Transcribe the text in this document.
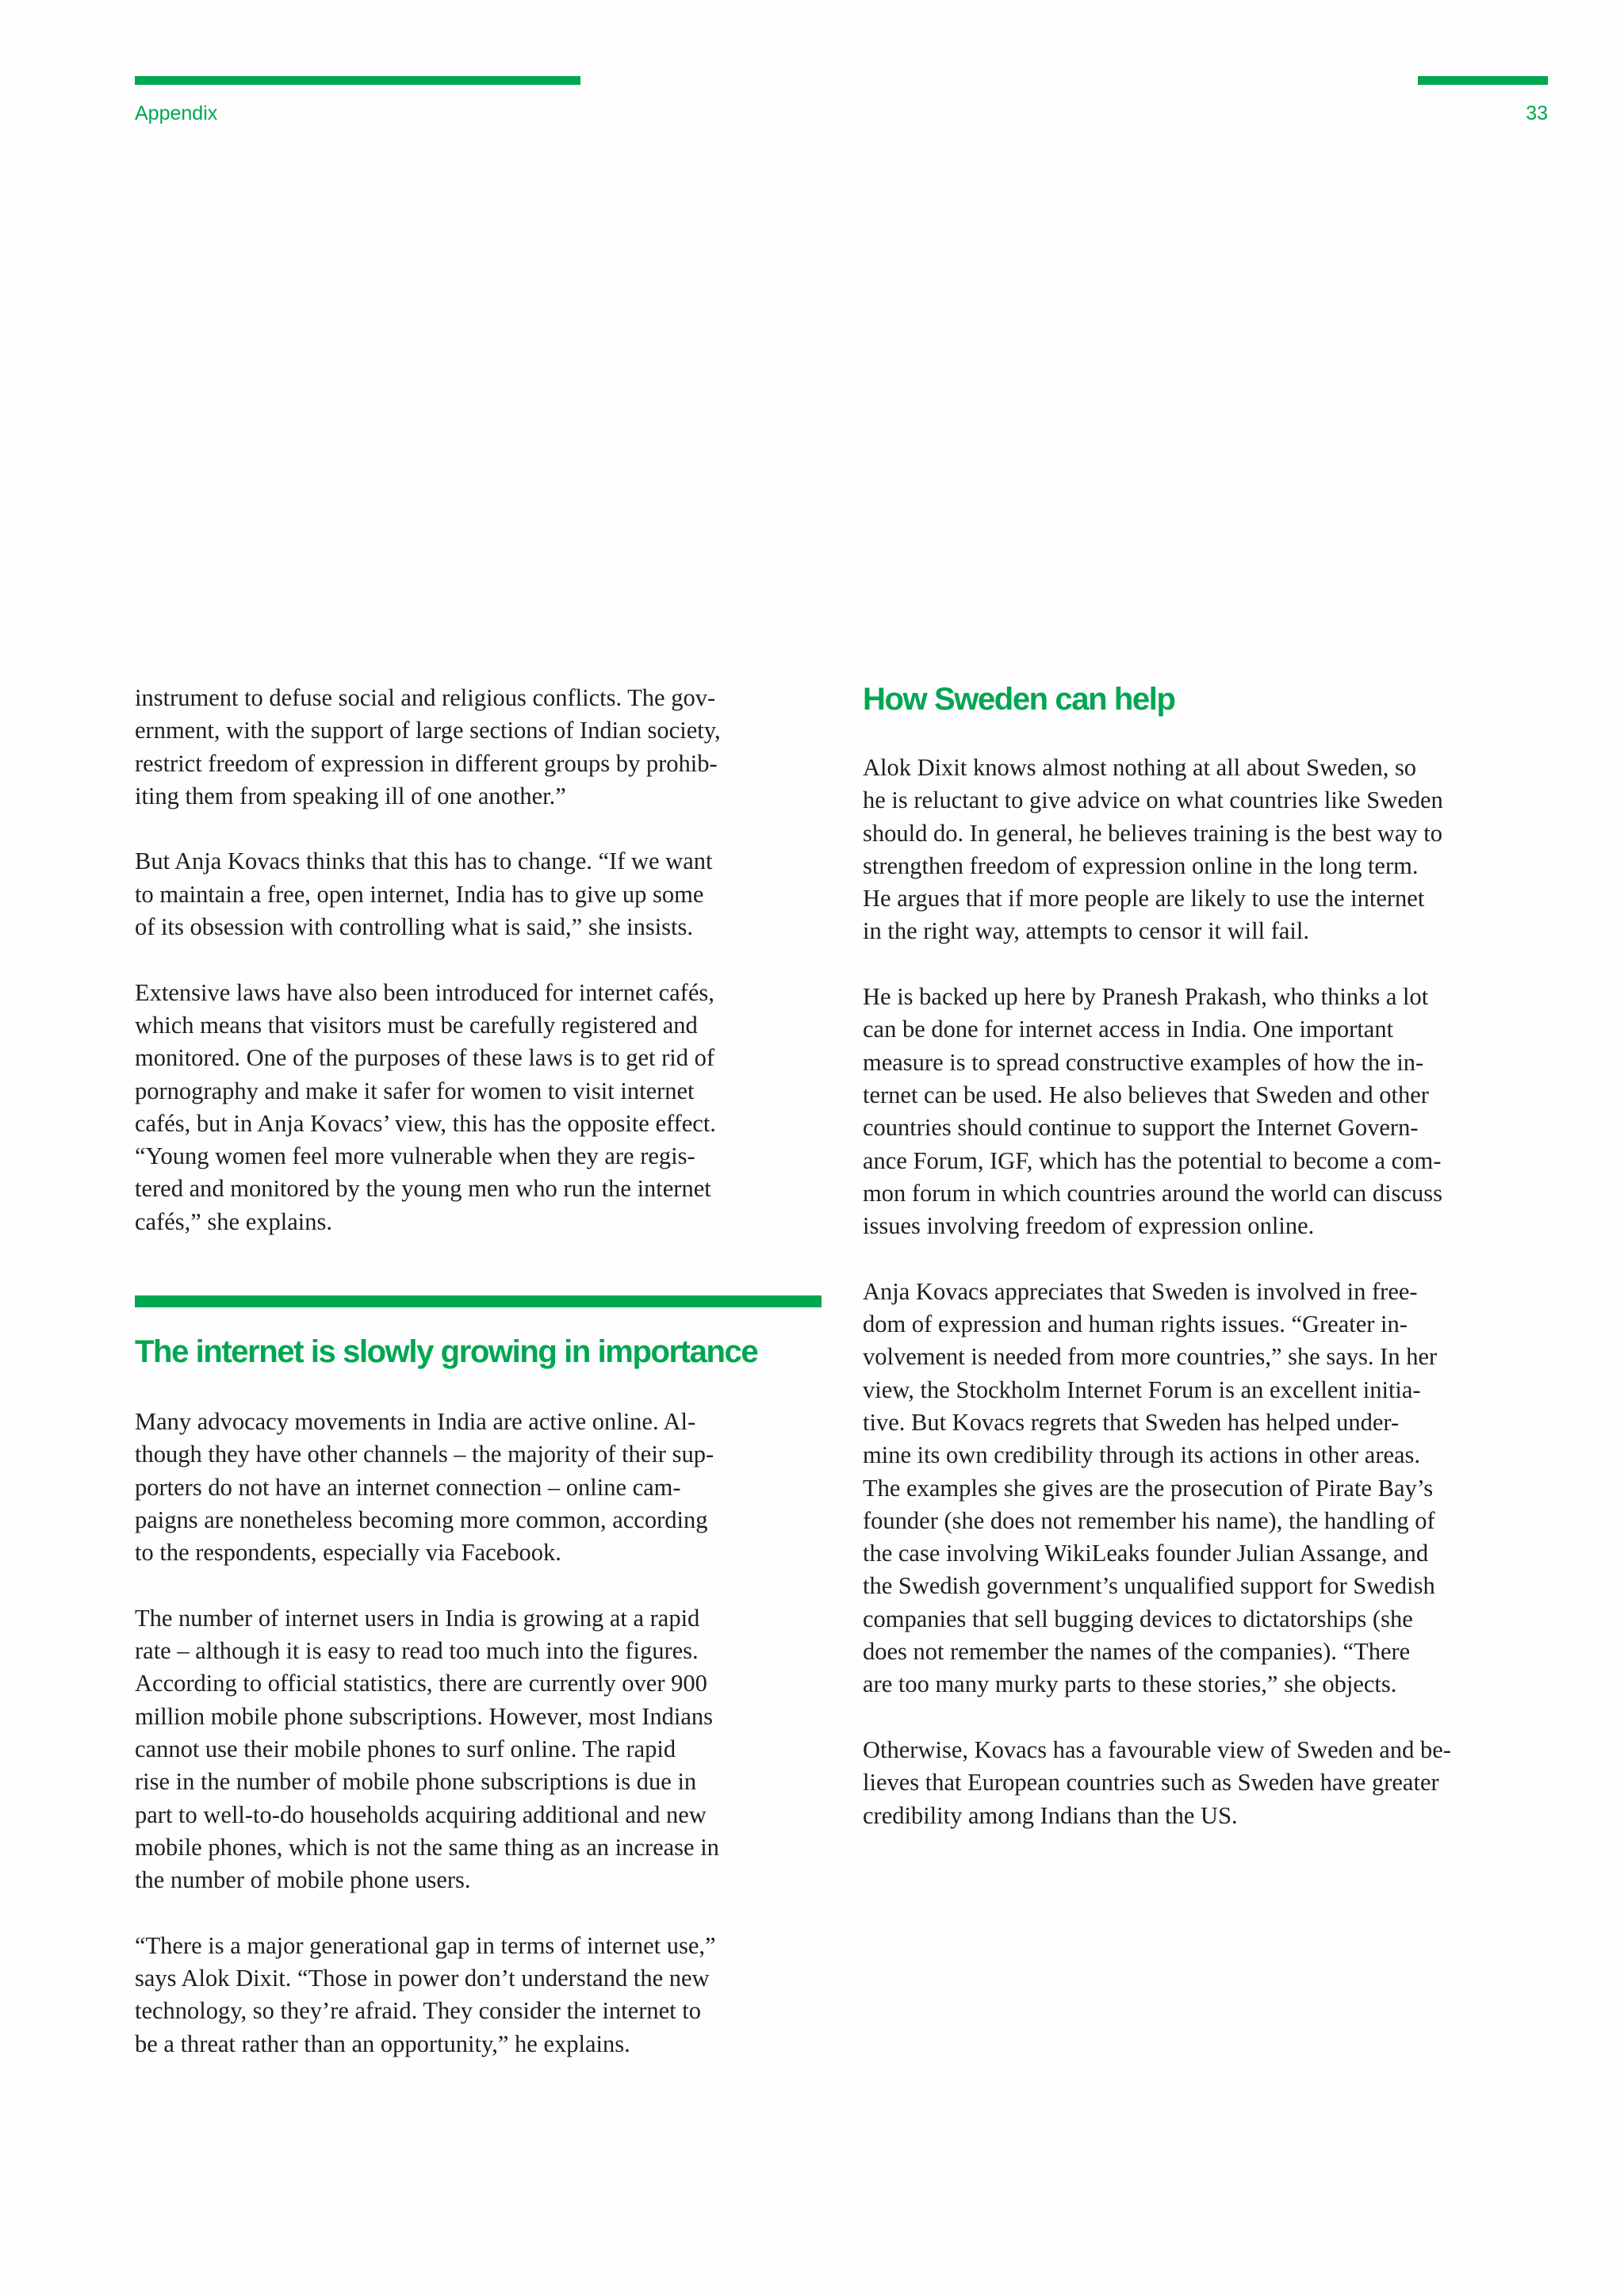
Appendix	33

instrument to defuse social and religious conflicts. The gov-
ernment, with the support of large sections of Indian society,
restrict freedom of expression in different groups by prohib-
iting them from speaking ill of one another.”

But Anja Kovacs thinks that this has to change. “If we want
to maintain a free, open internet, India has to give up some
of its obsession with controlling what is said,” she insists.

Extensive laws have also been introduced for internet cafés,
which means that visitors must be carefully registered and
monitored. One of the purposes of these laws is to get rid of
pornography and make it safer for women to visit internet
cafés, but in Anja Kovacs’ view, this has the opposite effect.
“Young women feel more vulnerable when they are regis-
tered and monitored by the young men who run the internet
cafés,” she explains.

The internet is slowly growing in importance

Many advocacy movements in India are active online. Al-
though they have other channels – the majority of their sup-
porters do not have an internet connection – online cam-
paigns are nonetheless becoming more common, according
to the respondents, especially via Facebook.

The number of internet users in India is growing at a rapid
rate – although it is easy to read too much into the figures.
According to official statistics, there are currently over 900
million mobile phone subscriptions. However, most Indians
cannot use their mobile phones to surf online. The rapid
rise in the number of mobile phone subscriptions is due in
part to well-to-do households acquiring additional and new
mobile phones, which is not the same thing as an increase in
the number of mobile phone users.

“There is a major generational gap in terms of internet use,”
says Alok Dixit. “Those in power don’t understand the new
technology, so they’re afraid. They consider the internet to
be a threat rather than an opportunity,” he explains.

How Sweden can help

Alok Dixit knows almost nothing at all about Sweden, so
he is reluctant to give advice on what countries like Sweden
should do. In general, he believes training is the best way to
strengthen freedom of expression online in the long term.
He argues that if more people are likely to use the internet
in the right way, attempts to censor it will fail.

He is backed up here by Pranesh Prakash, who thinks a lot
can be done for internet access in India. One important
measure is to spread constructive examples of how the in-
ternet can be used. He also believes that Sweden and other
countries should continue to support the Internet Govern-
ance Forum, IGF, which has the potential to become a com-
mon forum in which countries around the world can discuss
issues involving freedom of expression online.

Anja Kovacs appreciates that Sweden is involved in free-
dom of expression and human rights issues. “Greater in-
volvement is needed from more countries,” she says. In her
view, the Stockholm Internet Forum is an excellent initia-
tive. But Kovacs regrets that Sweden has helped under-
mine its own credibility through its actions in other areas.
The examples she gives are the prosecution of Pirate Bay’s
founder (she does not remember his name), the handling of
the case involving WikiLeaks founder Julian Assange, and
the Swedish government’s unqualified support for Swedish
companies that sell bugging devices to dictatorships (she
does not remember the names of the companies). “There
are too many murky parts to these stories,” she objects.

Otherwise, Kovacs has a favourable view of Sweden and be-
lieves that European countries such as Sweden have greater
credibility among Indians than the US.
